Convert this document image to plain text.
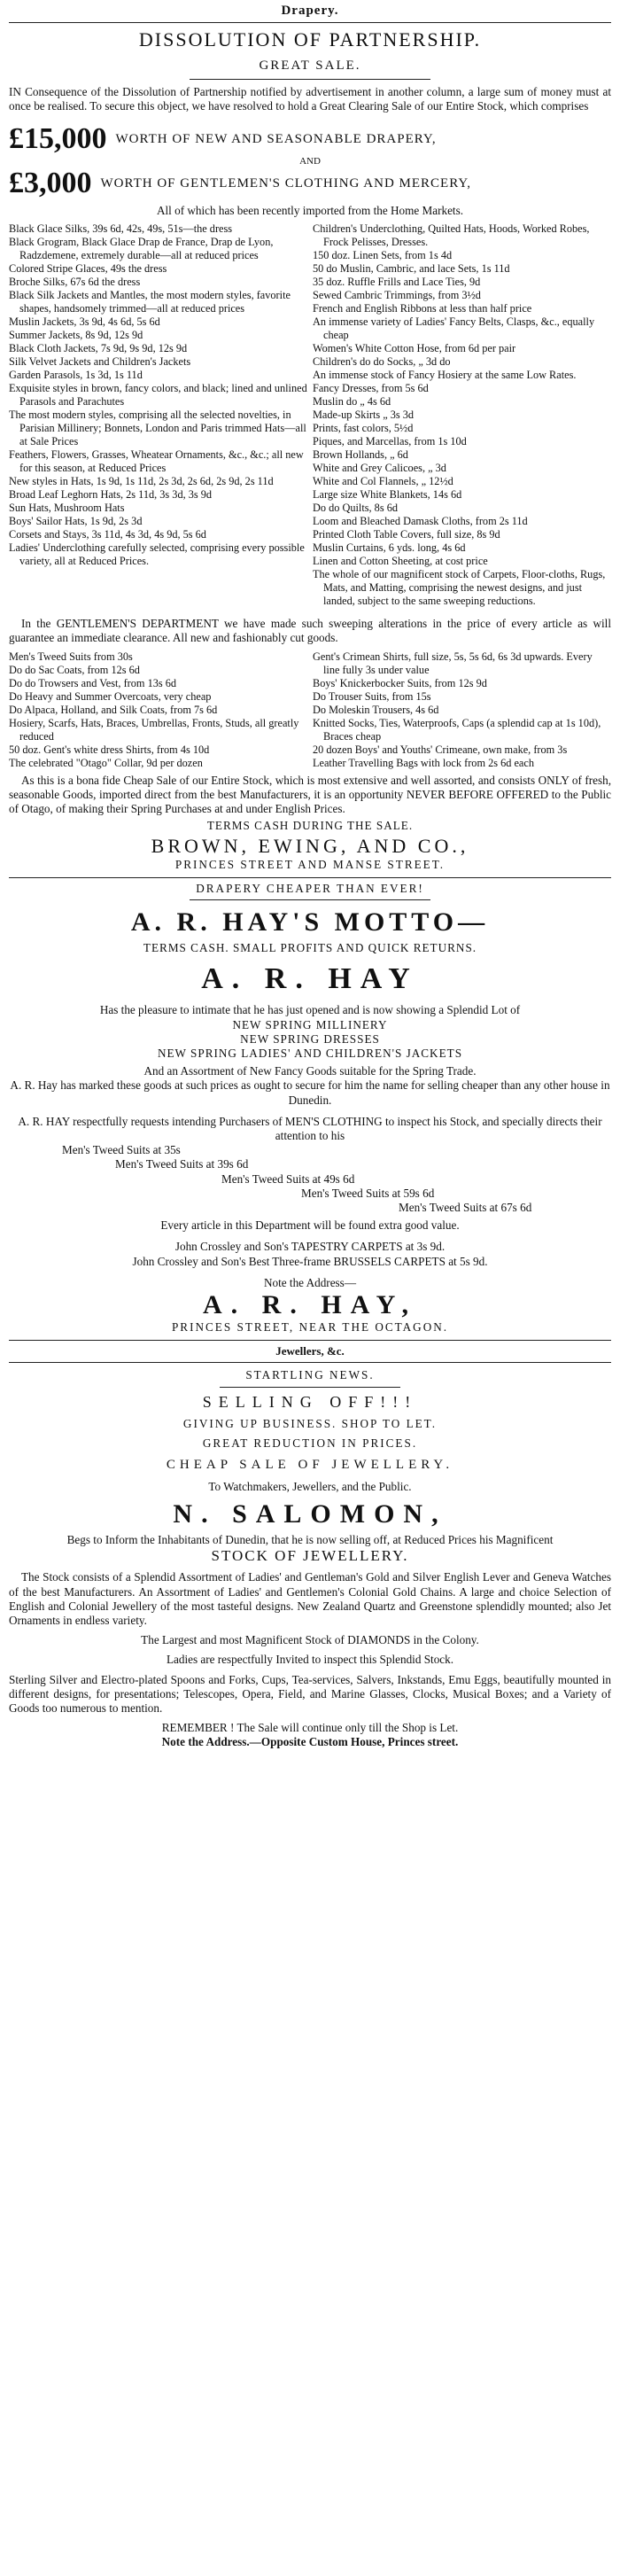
Drapery.
DISSOLUTION OF PARTNERSHIP.
GREAT SALE.
IN Consequence of the Dissolution of Partnership notified by advertisement in another column, a large sum of money must at once be realised. To secure this object, we have resolved to hold a Great Clearing Sale of our Entire Stock, which comprises
£15,000 WORTH OF NEW AND SEASONABLE DRAPERY,
AND
£3,000 WORTH OF GENTLEMEN'S CLOTHING AND MERCERY,
All of which has been recently imported from the Home Markets.
Black Glace Silks, 39s 6d, 42s, 49s, 51s—the dress
Black Grogram, Black Glace Drap de France, Drap de Lyon, Radzdemene, extremely durable—all at reduced prices
Colored Stripe Glaces, 49s the dress
Broche Silks, 67s 6d the dress
Black Silk Jackets and Mantles, the most modern styles, favorite shapes, handsomely trimmed—all at reduced prices
Muslin Jackets, 3s 9d, 4s 6d, 5s 6d
Summer Jackets, 8s 9d, 12s 9d
Black Cloth Jackets, 7s 9d, 9s 9d, 12s 9d
Silk Velvet Jackets and Children's Jackets
Garden Parasols, 1s 3d, 1s 11d
Exquisite styles in brown, fancy colors, and black; lined and unlined Parasols and Parachutes
The most modern styles, comprising all the selected novelties, in Parisian Millinery; Bonnets, London and Paris trimmed Hats—all at Sale Prices
Feathers, Flowers, Grasses, Wheatear Ornaments, &c., &c.; all new for this season, at Reduced Prices
New styles in Hats, 1s 9d, 1s 11d, 2s 3d, 2s 6d, 2s 9d, 2s 11d
Broad Leaf Leghorn Hats, 2s 11d, 3s 3d, 3s 9d
Sun Hats, Mushroom Hats
Boys' Sailor Hats, 1s 9d, 2s 3d
Corsets and Stays, 3s 11d, 4s 3d, 4s 9d, 5s 6d
Ladies' Underclothing carefully selected, comprising every possible variety, all at Reduced Prices.
Children's Underclothing, Quilted Hats, Hoods, Worked Robes, Frock Pelisses, Dresses.
150 doz. Linen Sets, from 1s 4d
50 do Muslin, Cambric, and lace Sets, 1s 11d
35 doz. Ruffle Frills and Lace Ties, 9d
Sewed Cambric Trimmings, from 3½d
French and English Ribbons at less than half price
An immense variety of Ladies' Fancy Belts, Clasps, &c., equally cheap
Women's White Cotton Hose, from 6d per pair
Children's do do Socks, „ 3d do
An immense stock of Fancy Hosiery at the same Low Rates.
Fancy Dresses, from 5s 6d
Muslin do „ 4s 6d
Made-up Skirts „ 3s 3d
Prints, fast colors, 5½d
Piques, and Marcellas, from 1s 10d
Brown Hollands, „ 6d
White and Grey Calicoes, „ 3d
White and Col Flannels, „ 12½d
Large size White Blankets, 14s 6d
Do do Quilts, 8s 6d
Loom and Bleached Damask Cloths, from 2s 11d
Printed Cloth Table Covers, full size, 8s 9d
Muslin Curtains, 6 yds. long, 4s 6d
Linen and Cotton Sheeting, at cost price
The whole of our magnificent stock of Carpets, Floor-cloths, Rugs, Mats, and Matting, comprising the newest designs, and just landed, subject to the same sweeping reductions.
In the GENTLEMEN'S DEPARTMENT we have made such sweeping alterations in the price of every article as will guarantee an immediate clearance. All new and fashionably cut goods.
Men's Tweed Suits from 30s
Do do Sac Coats, from 12s 6d
Do do Trowsers and Vest, from 13s 6d
Do Heavy and Summer Overcoats, very cheap
Do Alpaca, Holland, and Silk Coats, from 7s 6d
Hosiery, Scarfs, Hats, Braces, Umbrellas, Fronts, Studs, all greatly reduced
50 doz. Gent's white dress Shirts, from 4s 10d
The celebrated "Otago" Collar, 9d per dozen
Gent's Crimean Shirts, full size, 5s, 5s 6d, 6s 3d upwards. Every line fully 3s under value
Boys' Knickerbocker Suits, from 12s 9d
Do Trouser Suits, from 15s
Do Moleskin Trousers, 4s 6d
Knitted Socks, Ties, Waterproofs, Caps (a splendid cap at 1s 10d), Braces cheap
20 dozen Boys' and Youths' Crimeane, own make, from 3s
Leather Travelling Bags with lock from 2s 6d each
As this is a bona fide Cheap Sale of our Entire Stock, which is most extensive and well assorted, and consists ONLY of fresh, seasonable Goods, imported direct from the best Manufacturers, it is an opportunity NEVER BEFORE OFFERED to the Public of Otago, of making their Spring Purchases at and under English Prices.
TERMS CASH DURING THE SALE.
BROWN, EWING, AND CO.,
PRINCES STREET AND MANSE STREET.
DRAPERY CHEAPER THAN EVER!
A. R. HAY'S MOTTO—
TERMS CASH. SMALL PROFITS AND QUICK RETURNS.
A. R. HAY
Has the pleasure to intimate that he has just opened and is now showing a Splendid Lot of
NEW SPRING MILLINERY
NEW SPRING DRESSES
NEW SPRING LADIES' AND CHILDREN'S JACKETS
And an Assortment of New Fancy Goods suitable for the Spring Trade.
A. R. Hay has marked these goods at such prices as ought to secure for him the name for selling cheaper than any other house in Dunedin.
A. R. HAY respectfully requests intending Purchasers of MEN'S CLOTHING to inspect his Stock, and specially directs their attention to his
Men's Tweed Suits at 35s
Men's Tweed Suits at 39s 6d
Men's Tweed Suits at 49s 6d
Men's Tweed Suits at 59s 6d
Men's Tweed Suits at 67s 6d
Every article in this Department will be found extra good value.
John Crossley and Son's TAPESTRY CARPETS at 3s 9d.
John Crossley and Son's Best Three-frame BRUSSELS CARPETS at 5s 9d.
Note the Address—
A. R. HAY,
PRINCES STREET, NEAR THE OCTAGON.
Jewellers, &c.
STARTLING NEWS.
SELLING OFF!!!
GIVING UP BUSINESS. SHOP TO LET.
GREAT REDUCTION IN PRICES.
CHEAP SALE OF JEWELLERY.
To Watchmakers, Jewellers, and the Public.
N. SALOMON,
Begs to Inform the Inhabitants of Dunedin, that he is now selling off, at Reduced Prices his Magnificent
STOCK OF JEWELLERY.
The Stock consists of a Splendid Assortment of Ladies' and Gentleman's Gold and Silver English Lever and Geneva Watches of the best Manufacturers. An Assortment of Ladies' and Gentlemen's Colonial Gold Chains. A large and choice Selection of English and Colonial Jewellery of the most tasteful designs. New Zealand Quartz and Greenstone splendidly mounted; also Jet Ornaments in endless variety.
The Largest and most Magnificent Stock of DIAMONDS in the Colony.
Ladies are respectfully Invited to inspect this Splendid Stock.
Sterling Silver and Electro-plated Spoons and Forks, Cups, Tea-services, Salvers, Inkstands, Emu Eggs, beautifully mounted in different designs, for presentations; Telescopes, Opera, Field, and Marine Glasses, Clocks, Musical Boxes; and a Variety of Goods too numerous to mention.
REMEMBER ! The Sale will continue only till the Shop is Let.
Note the Address.—Opposite Custom House, Princes street.
